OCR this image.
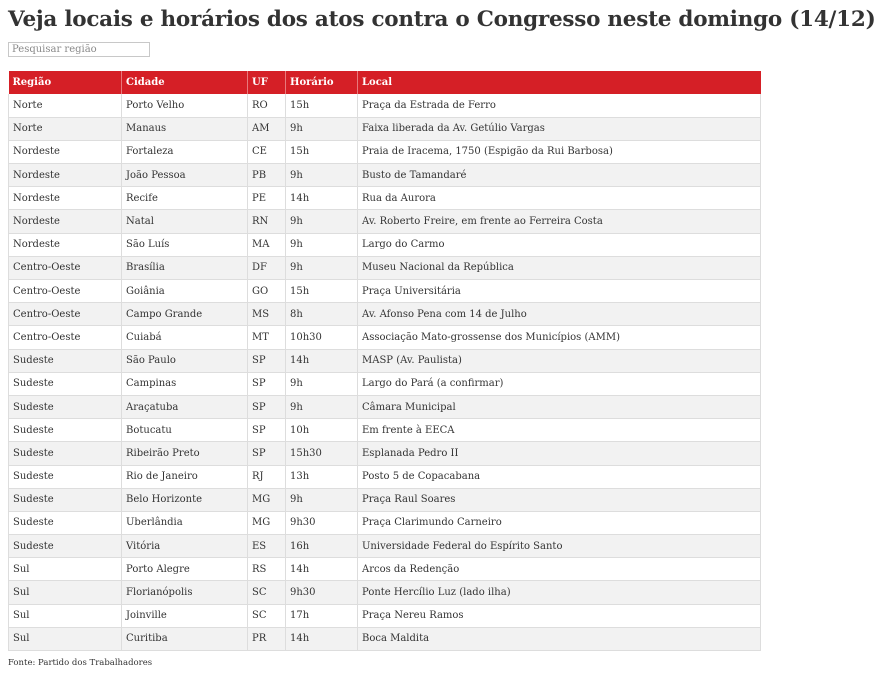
Veja locais e horários dos atos contra o Congresso neste domingo (14/12)
Pesquisar região
Região	Cidade	UF	Horário	Local
Norte	Porto Velho	RO	15h	Praça da Estrada de Ferro
Norte	Manaus	AM	9h	Faixa liberada da Av. Getúlio Vargas
Nordeste	Fortaleza	CE	15h	Praia de Iracema, 1750 (Espigão da Rui Barbosa)
Nordeste	João Pessoa	PB	9h	Busto de Tamandaré
Nordeste	Recife	PE	14h	Rua da Aurora
Nordeste	Natal	RN	9h	Av. Roberto Freire, em frente ao Ferreira Costa
Nordeste	São Luís	MA	9h	Largo do Carmo
Centro-Oeste	Brasília	DF	9h	Museu Nacional da República
Centro-Oeste	Goiânia	GO	15h	Praça Universitária
Centro-Oeste	Campo Grande	MS	8h	Av. Afonso Pena com 14 de Julho
Centro-Oeste	Cuiabá	MT	10h30	Associação Mato-grossense dos Municípios (AMM)
Sudeste	São Paulo	SP	14h	MASP (Av. Paulista)
Sudeste	Campinas	SP	9h	Largo do Pará (a confirmar)
Sudeste	Araçatuba	SP	9h	Câmara Municipal
Sudeste	Botucatu	SP	10h	Em frente à EECA
Sudeste	Ribeirão Preto	SP	15h30	Esplanada Pedro II
Sudeste	Rio de Janeiro	RJ	13h	Posto 5 de Copacabana
Sudeste	Belo Horizonte	MG	9h	Praça Raul Soares
Sudeste	Uberlândia	MG	9h30	Praça Clarimundo Carneiro
Sudeste	Vitória	ES	16h	Universidade Federal do Espírito Santo
Sul	Porto Alegre	RS	14h	Arcos da Redenção
Sul	Florianópolis	SC	9h30	Ponte Hercílio Luz (lado ilha)
Sul	Joinville	SC	17h	Praça Nereu Ramos
Sul	Curitiba	PR	14h	Boca Maldita
Fonte: Partido dos Trabalhadores
